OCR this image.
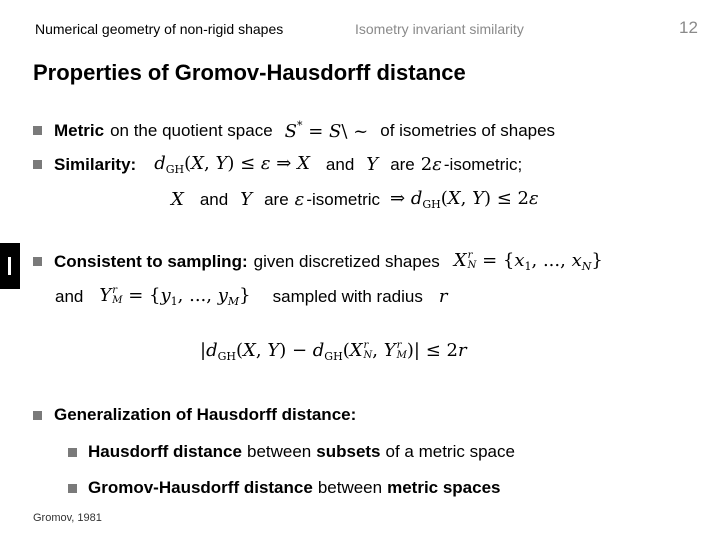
Numerical geometry of non-rigid shapes	Isometry invariant similarity	12
Properties of Gromov-Hausdorff distance
Metric on the quotient space S* = S\ ~ of isometries of shapes
Similarity: $d_{GH}(X$, Y) ≤ ε ⇒ X and Y are 2ε -isometric;
X and Y are ε -isometric ⇒ $d_{GH}(X$, Y) ≤ 2ε
Consistent to sampling: given discretized shapes X r
$N = \{x_1$, ..., $x_N$}
and Y r
$M = \{y_1$, ..., $y_M$} sampled with radius r
$|d_{GH}(X$, $Y) - d_{GH}(X$ r
N , Y r
M )| ≤ 2r
Generalization of Hausdorff distance:
Hausdorff distance between subsets of a metric space
Gromov-Hausdorff distance between metric spaces
Gromov, 1981
